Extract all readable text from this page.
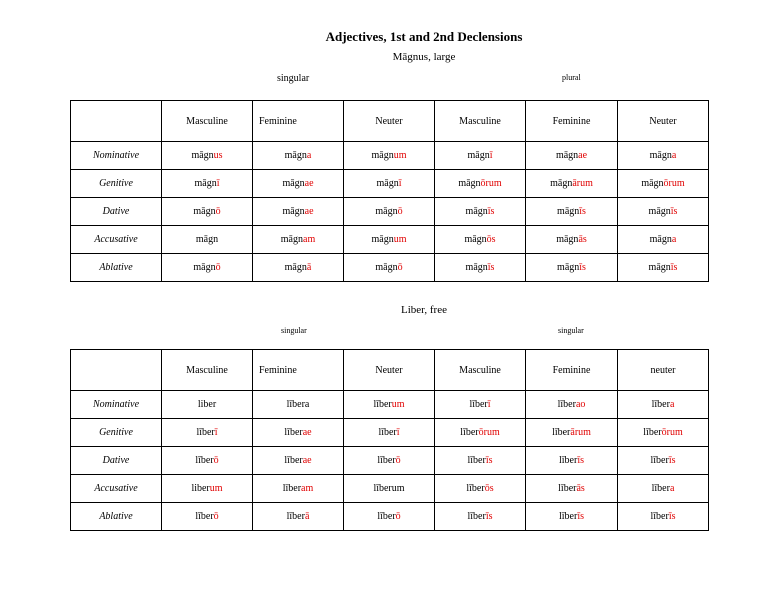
Adjectives, 1st and 2nd Declensions
Māgnus, large
singular	plural
	Masculine	Feminine	Neuter	Masculine	Feminine	Neuter
Nominative	māgnus	māgna	māgnum	māgnī	māgnae	māgna
Genitive	māgnī	māgnae	māgnī	māgnōrum	māgnārum	māgnōrum
Dative	māgnō	māgnae	māgnō	māgnīs	māgnīs	māgnīs
Accusative	māgn	māgnam	māgnum	māgnōs	māgnās	māgna
Ablative	māgnō	māgnā	māgnō	māgnīs	māgnīs	māgnīs
Liber, free
singular	singular
	Masculine	Feminine	Neuter	Masculine	Feminine	neuter
Nominative	liber	lībera	līberum	līberī	līberao	lībera
Genitive	līberī	līberae	līberī	līberōrum	līberārum	līberōrum
Dative	līberō	līberae	līberō	līberīs	līberīs	līberīs
Accusative	liberum	līberam	līberum	līberōs	līberās	lībera
Ablative	līberō	līberā	līberō	līberīs	līberīs	līberīs
